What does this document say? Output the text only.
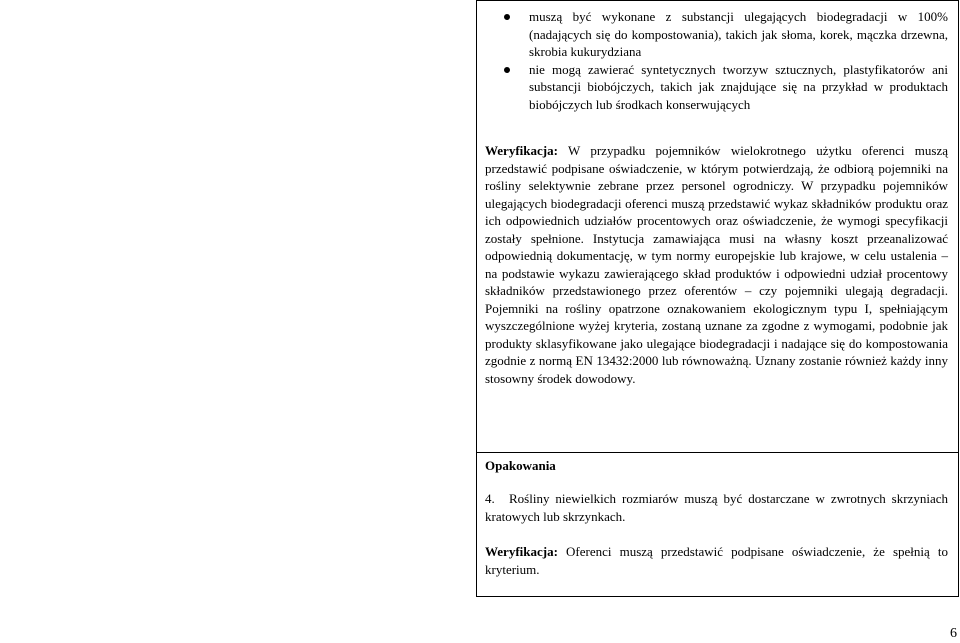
muszą być wykonane z substancji ulegających biodegradacji w 100% (nadających się do kompostowania), takich jak słoma, korek, mączka drzewna, skrobia kukurydziana
nie mogą zawierać syntetycznych tworzyw sztucznych, plastyfikatorów ani substancji biobójczych, takich jak znajdujące się na przykład w produktach biobójczych lub środkach konserwujących

Weryfikacja: W przypadku pojemników wielokrotnego użytku oferenci muszą przedstawić podpisane oświadczenie, w którym potwierdzają, że odbiorą pojemniki na rośliny selektywnie zebrane przez personel ogrodniczy. W przypadku pojemników ulegających biodegradacji oferenci muszą przedstawić wykaz składników produktu oraz ich odpowiednich udziałów procentowych oraz oświadczenie, że wymogi specyfikacji zostały spełnione. Instytucja zamawiająca musi na własny koszt przeanalizować odpowiednią dokumentację, w tym normy europejskie lub krajowe, w celu ustalenia – na podstawie wykazu zawierającego skład produktów i odpowiedni udział procentowy składników przedstawionego przez oferentów – czy pojemniki ulegają degradacji. Pojemniki na rośliny opatrzone oznakowaniem ekologicznym typu I, spełniającym wyszczególnione wyżej kryteria, zostaną uznane za zgodne z wymogami, podobnie jak produkty sklasyfikowane jako ulegające biodegradacji i nadające się do kompostowania zgodnie z normą EN 13432:2000 lub równoważną. Uznany zostanie również każdy inny stosowny środek dowodowy.

Opakowania
4. Rośliny niewielkich rozmiarów muszą być dostarczane w zwrotnych skrzyniach kratowych lub skrzynkach.
Weryfikacja: Oferenci muszą przedstawić podpisane oświadczenie, że spełnią to kryterium.
6
